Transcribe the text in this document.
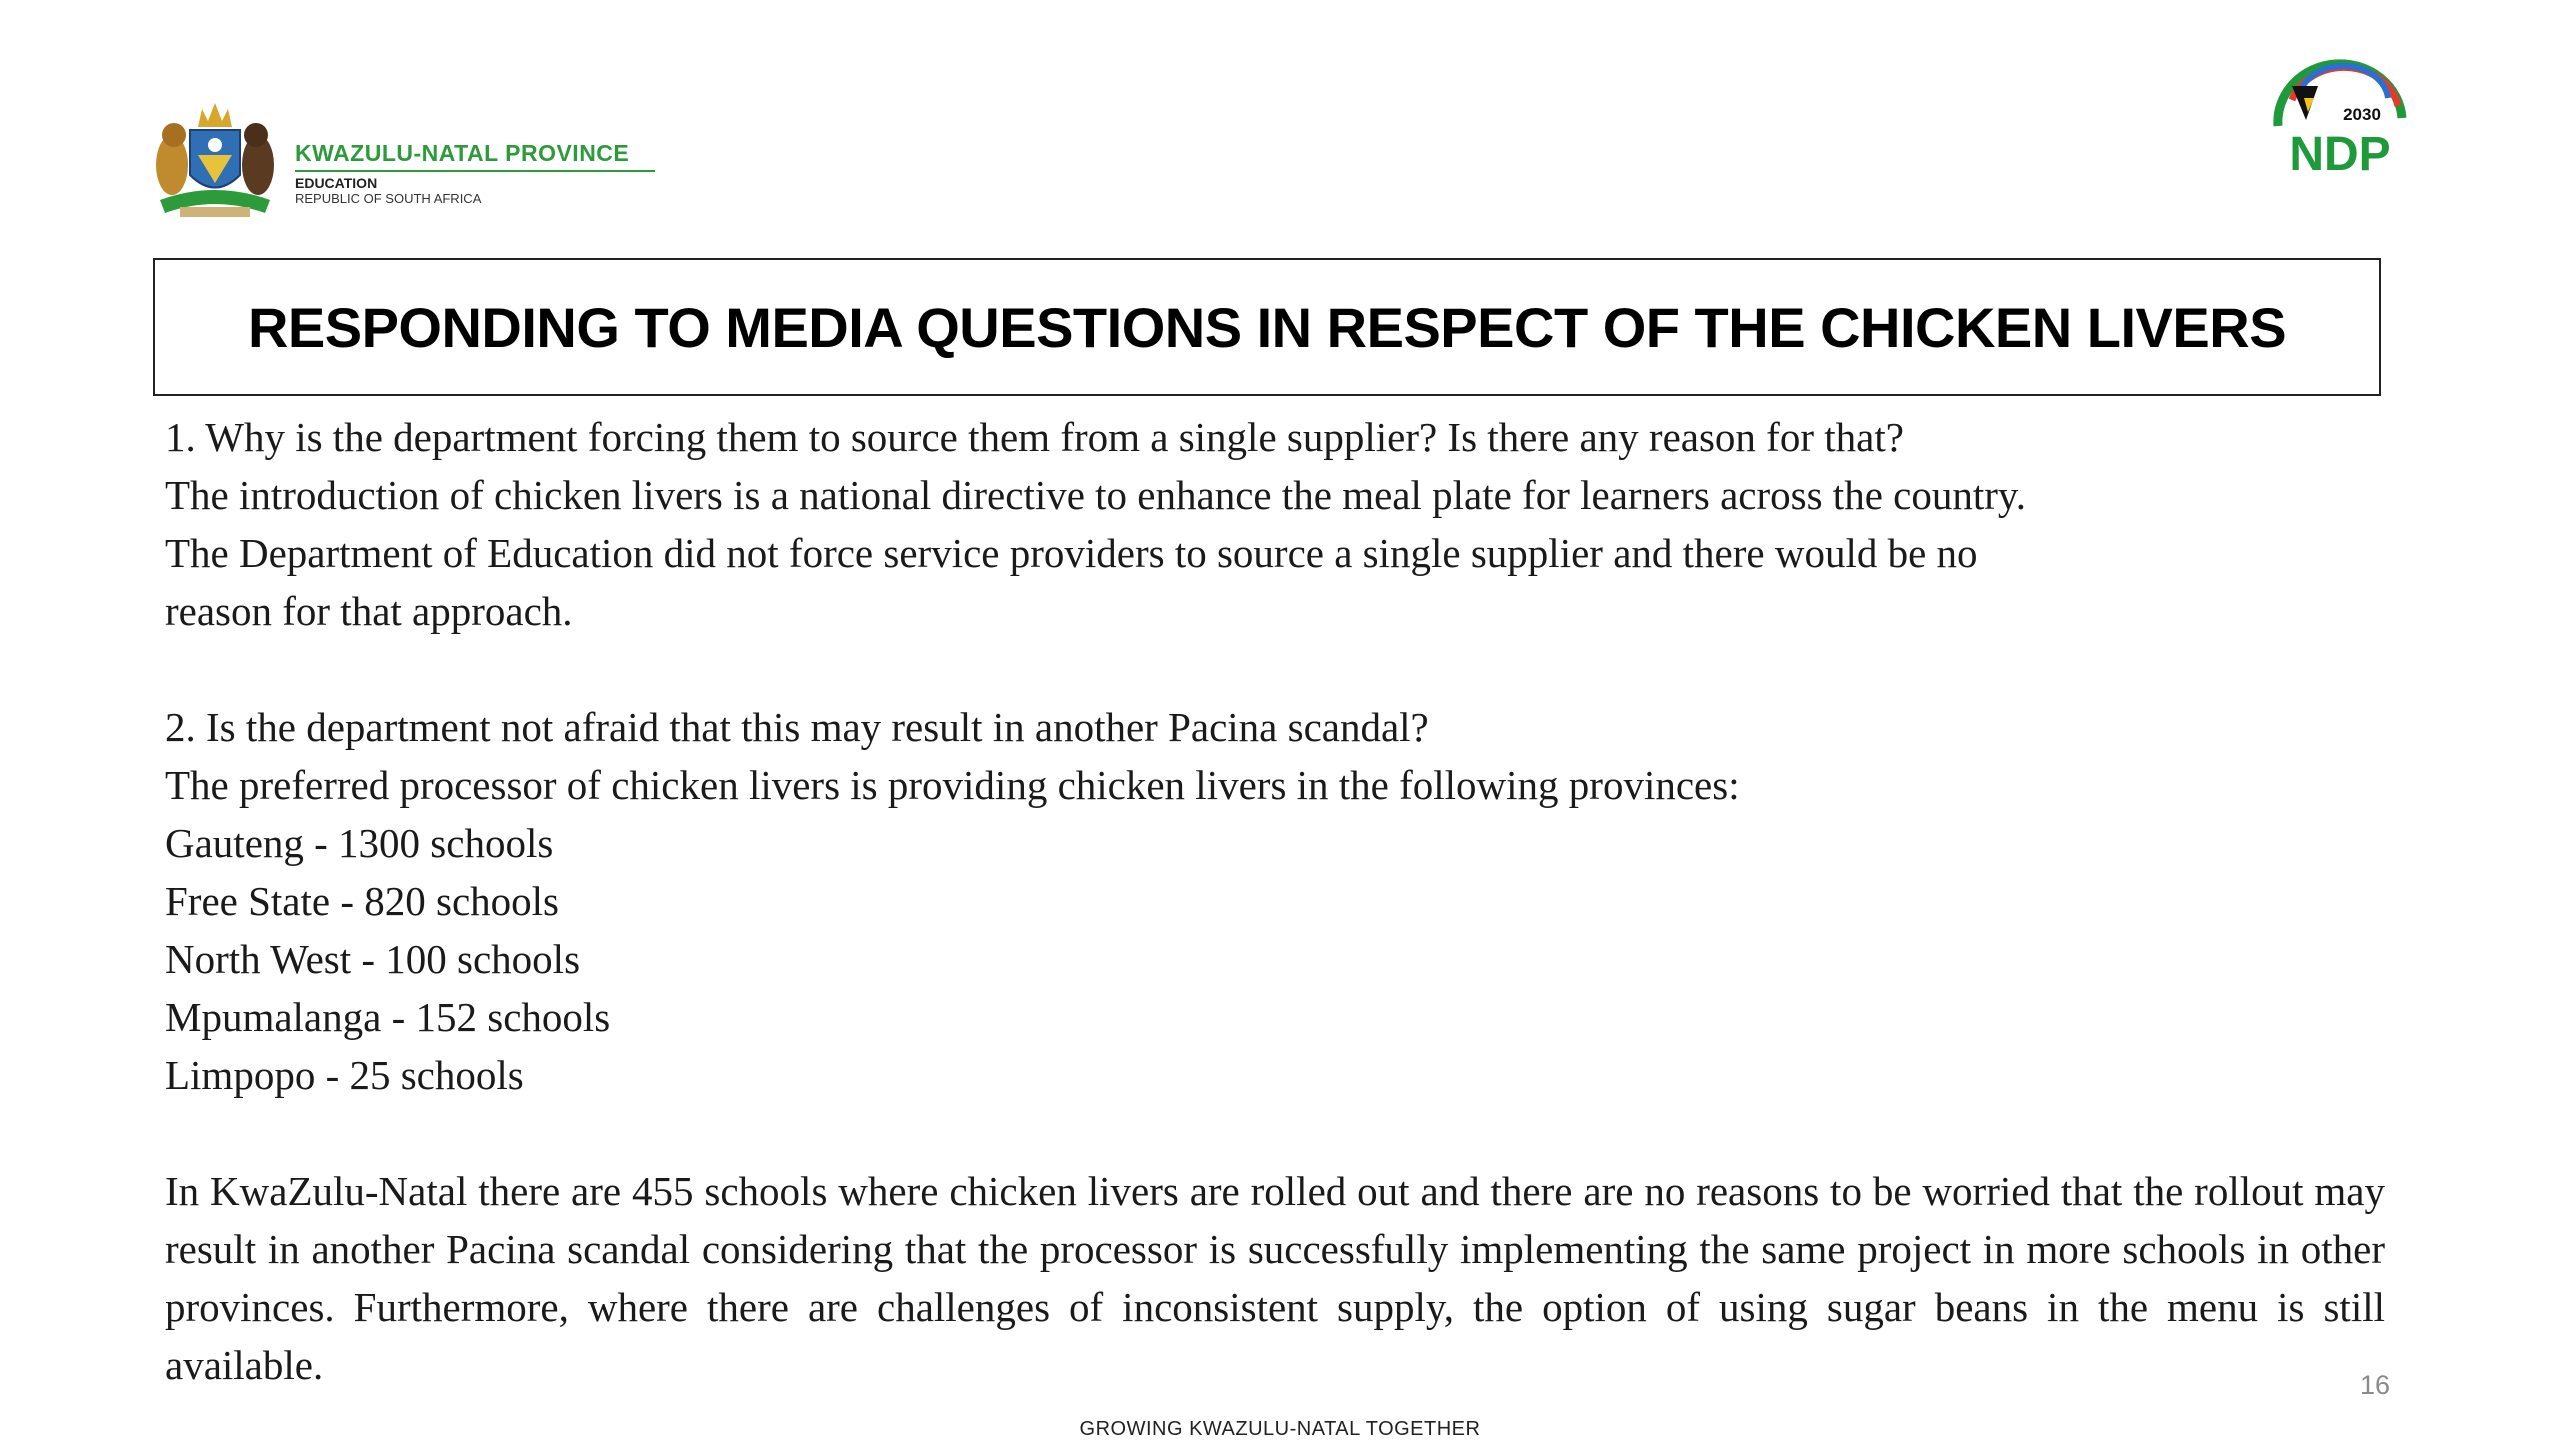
KWAZULU-NATAL PROVINCE
EDUCATION
REPUBLIC OF SOUTH AFRICA
2030
NDP
RESPONDING TO MEDIA QUESTIONS IN RESPECT OF THE CHICKEN LIVERS
1. Why is the department forcing them to source them from a single supplier? Is there any reason for that?
The introduction of chicken livers is a national directive to enhance the meal plate for learners across the country.
The Department of Education did not force service providers to source a single supplier and there would be no
reason for that approach.
2. Is the department not afraid that this may result in another Pacina scandal?
The preferred processor of chicken livers is providing chicken livers in the following provinces:
Gauteng - 1300 schools
Free State - 820 schools
North West - 100 schools
Mpumalanga - 152 schools
Limpopo - 25 schools
In KwaZulu-Natal there are 455 schools where chicken livers are rolled out and there are no reasons to be worried that the rollout may result in another Pacina scandal considering that the processor is successfully implementing the same project in more schools in other provinces. Furthermore, where there are challenges of inconsistent supply, the option of using sugar beans in the menu is still available.	16
GROWING KWAZULU-NATAL TOGETHER
